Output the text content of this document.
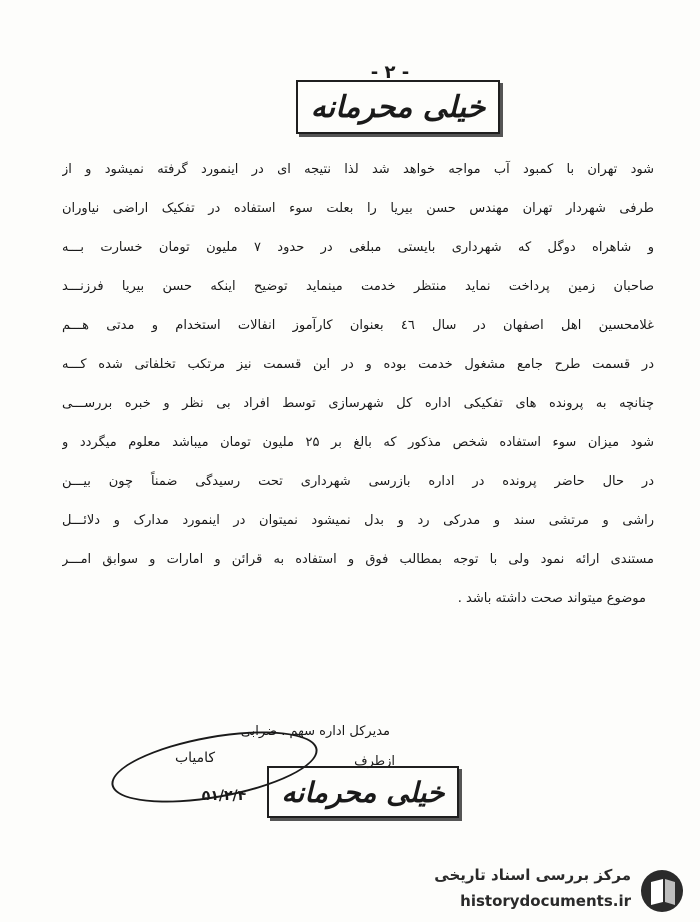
- ۲ -
خیلی محرمانه
شود تهران با کمبود آب مواجه خواهد شد لذا نتیجه ای در اینمورد گرفته نمیشود و از
طرفی شهردار تهران مهندس حسن بیریا را بعلت سوء استفاده در تفکیک اراضی نیاوران
و شاهراه دوگل که شهرداری بایستی مبلغی در حدود ۷ ملیون تومان خسارت بـــه
صاحبان زمین پرداخت نماید منتظر خدمت مینماید توضیح اینکه حسن بیریا فرزنـــد
غلامحسین اهل اصفهان در سال ٤٦ بعنوان کارآموز انفالات استخدام و مدتی هـــم
در قسمت طرح جامع مشغول خدمت بوده و در این قسمت نیز مرتکب تخلفاتی شده کـــه
چنانچه به پرونده های تفکیکی اداره کل شهرسازی توسط افراد بی نظر و خبره بررســـی
شود میزان سوء استفاده شخص مذکور که بالغ بر ۲۵ ملیون تومان میباشد معلوم میگردد و
در حال حاضر پرونده در اداره بازرسی شهرداری تحت رسیدگی ضمناً چون بیـــن
راشی و مرتشی سند و مدرکی رد و بدل نمیشود نمیتوان در اینمورد مدارک و دلائـــل
مستندی ارائه نمود ولی با توجه بمطالب فوق و استفاده به قرائن و امارات و سوابق امـــر
موضوع میتواند صحت داشته باشد .
مدیرکل اداره سهم . ضرابی
کامیاب	ازطرف
۵۱/۲/۴	خیلی محرمانه
مرکز بررسی اسناد تاریخی
historydocuments.ir
